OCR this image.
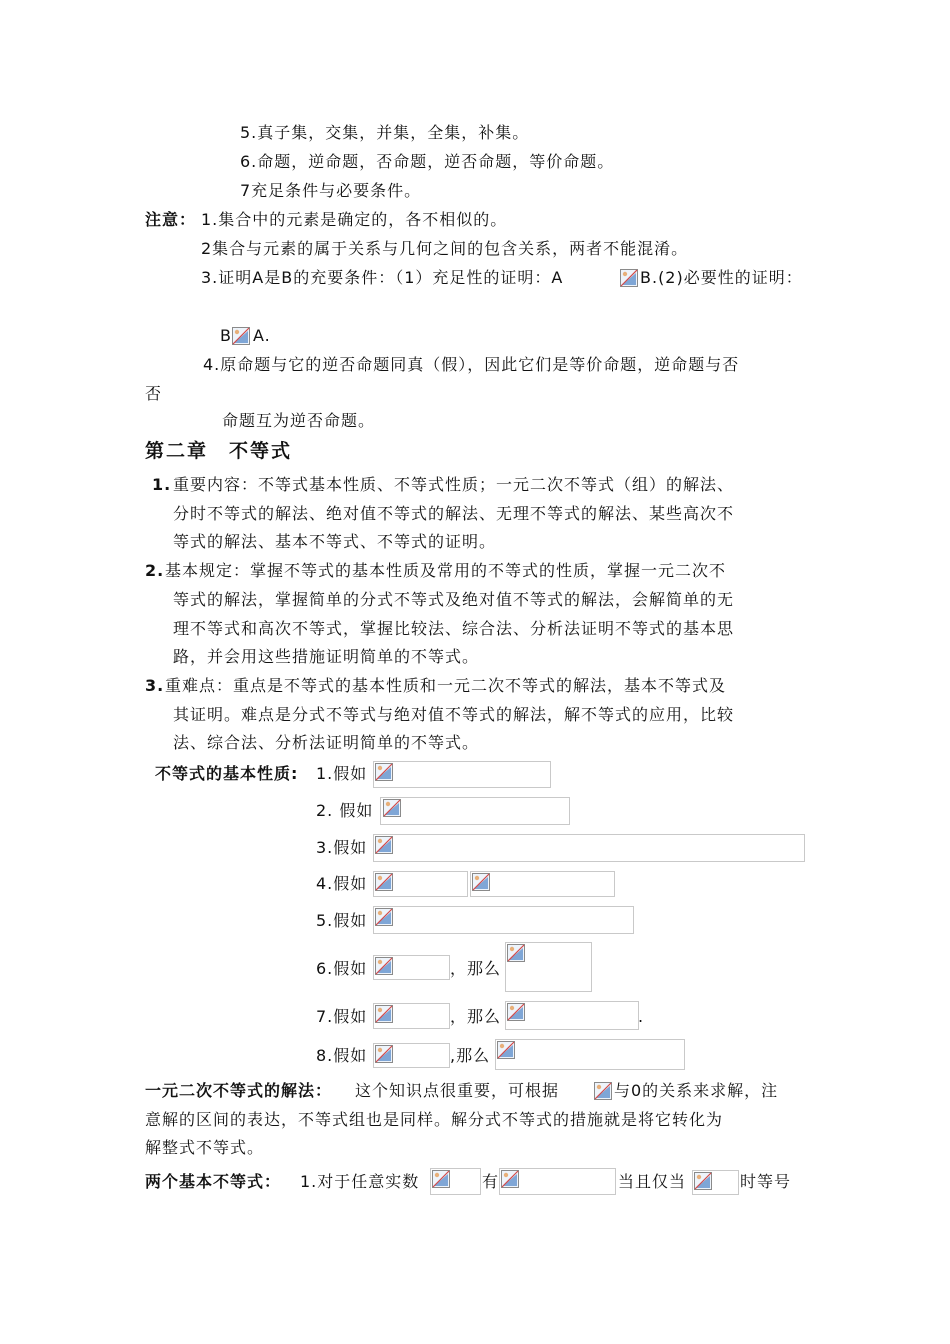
5.真子集，交集，并集，全集，补集。
6.命题，逆命题，否命题，逆否命题，等价命题。
7充足条件与必要条件。
注意： 1.集合中的元素是确定的，各不相似的。
2集合与元素的属于关系与几何之间的包含关系，两者不能混淆。
3.证明A是B的充要条件：（1）充足性的证明：A	B.(2)必要性的证明：
B A.
4.原命题与它的逆否命题同真（假），因此它们是等价命题，逆命题与否
否
命题互为逆否命题。
第二章　不等式
1. 重要内容：不等式基本性质、不等式性质；一元二次不等式（组）的解法、
分时不等式的解法、绝对值不等式的解法、无理不等式的解法、某些高次不
等式的解法、基本不等式、不等式的证明。
2. 基本规定：掌握不等式的基本性质及常用的不等式的性质，掌握一元二次不
等式的解法，掌握简单的分式不等式及绝对值不等式的解法，会解简单的无
理不等式和高次不等式，掌握比较法、综合法、分析法证明不等式的基本思
路，并会用这些措施证明简单的不等式。
3. 重难点：重点是不等式的基本性质和一元二次不等式的解法，基本不等式及
其证明。难点是分式不等式与绝对值不等式的解法，解不等式的应用，比较
法、综合法、分析法证明简单的不等式。
不等式的基本性质: 1.假如
2. 假如
3.假如
4.假如
5.假如
6.假如	，那么
7.假如	，那么	.
8.假如	,那么
一元二次不等式的解法： 这个知识点很重要，可根据	与0的关系来求解，注
意解的区间的表达，不等式组也是同样。解分式不等式的措施就是将它转化为
解整式不等式。
两个基本不等式： 1.对于任意实数	有	当且仅当	时等号
